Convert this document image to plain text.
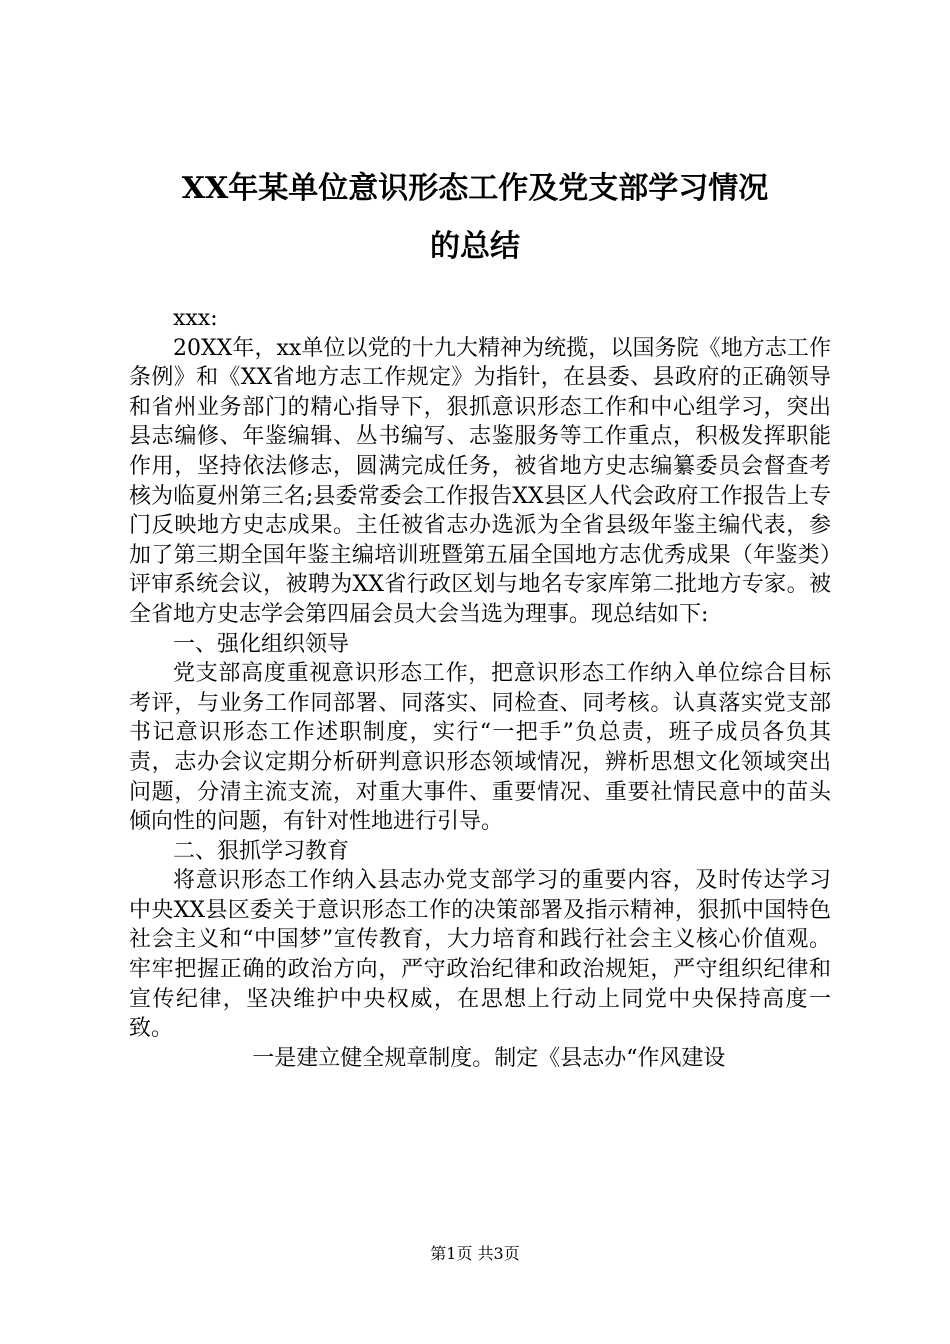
XX年某单位意识形态工作及党支部学习情况
的总结

xxx:

20XX年，xx单位以党的十九大精神为统揽，以国务院《地方志工作条例》和《XX省地方志工作规定》为指针，在县委、县政府的正确领导和省州业务部门的精心指导下，狠抓意识形态工作和中心组学习，突出县志编修、年鉴编辑、丛书编写、志鉴服务等工作重点，积极发挥职能作用，坚持依法修志，圆满完成任务，被省地方史志编纂委员会督查考核为临夏州第三名;县委常委会工作报告XX县区人代会政府工作报告上专门反映地方史志成果。主任被省志办选派为全省县级年鉴主编代表，参加了第三期全国年鉴主编培训班暨第五届全国地方志优秀成果（年鉴类）评审系统会议，被聘为XX省行政区划与地名专家库第二批地方专家。被全省地方史志学会第四届会员大会当选为理事。现总结如下:

一、强化组织领导

党支部高度重视意识形态工作，把意识形态工作纳入单位综合目标考评，与业务工作同部署、同落实、同检查、同考核。认真落实党支部书记意识形态工作述职制度，实行“一把手”负总责，班子成员各负其责，志办会议定期分析研判意识形态领域情况，辨析思想文化领域突出问题，分清主流支流，对重大事件、重要情况、重要社情民意中的苗头倾向性的问题，有针对性地进行引导。

二、狠抓学习教育

将意识形态工作纳入县志办党支部学习的重要内容，及时传达学习中央XX县区委关于意识形态工作的决策部署及指示精神，狠抓中国特色社会主义和“中国梦”宣传教育，大力培育和践行社会主义核心价值观。牢牢把握正确的政治方向，严守政治纪律和政治规矩，严守组织纪律和宣传纪律，坚决维护中央权威，在思想上行动上同党中央保持高度一致。

一是建立健全规章制度。制定《县志办“作风建设

第1页 共3页
